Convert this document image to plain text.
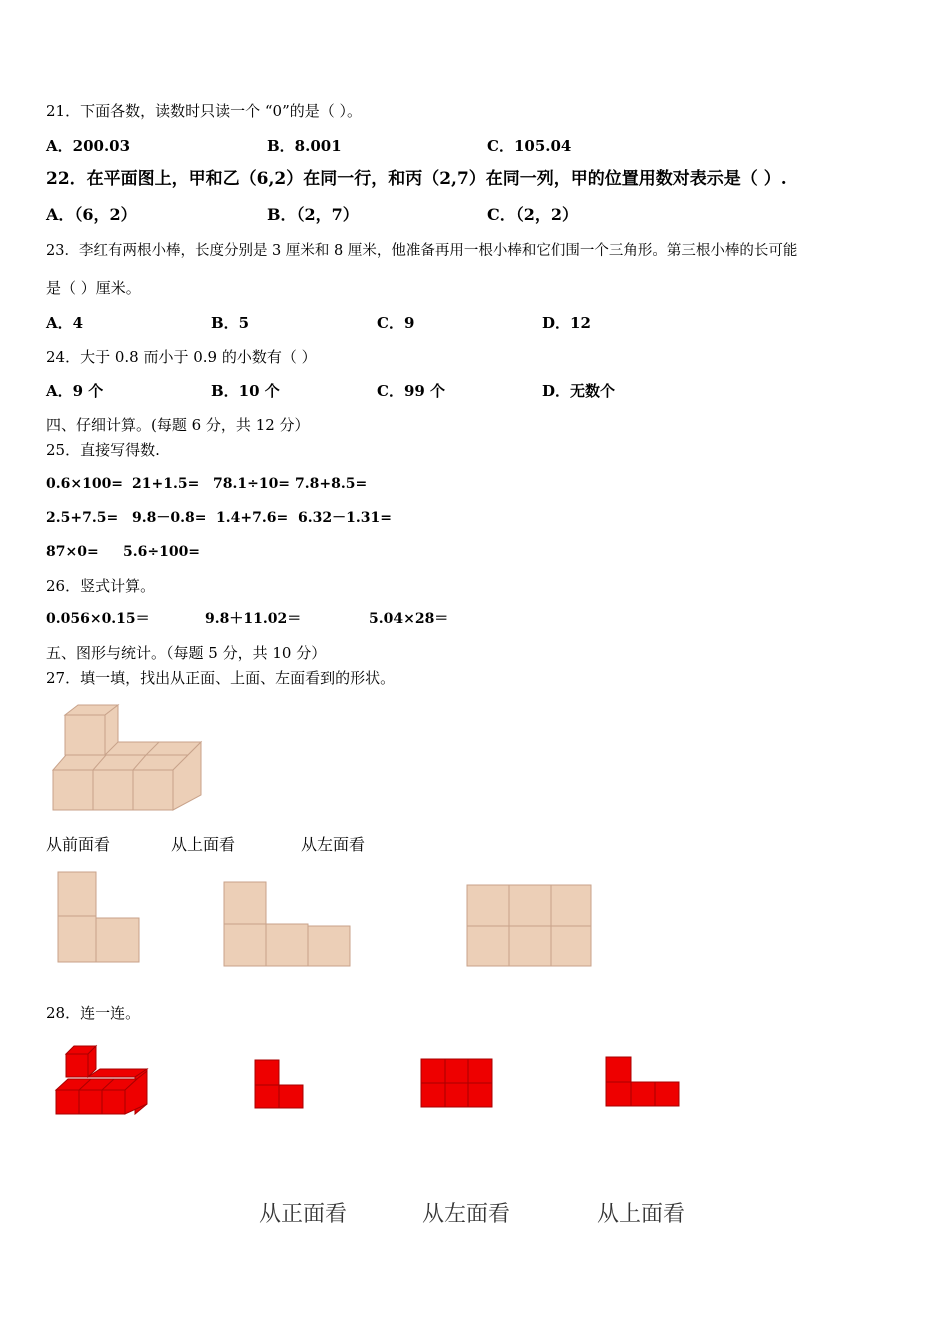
21．下面各数，读数时只读一个 “0”的是（ ）。
A．200.03	B．8.001	C．105.04
22．在平面图上，甲和乙（6,2）在同一行，和丙（2,7）在同一列，甲的位置用数对表示是（ ）.
A．（6，2）	B．（2，7）	C．（2，2）
23．李红有两根小棒，长度分别是 3 厘米和 8 厘米，他准备再用一根小棒和它们围一个三角形。第三根小棒的长可能
是（ ）厘米。
A．4	B．5	C．9	D．12
24．大于 0.8 而小于 0.9 的小数有（ ）
A．9 个	B．10 个	C．99 个	D．无数个
四、仔细计算。(每题 6 分，共 12 分）
25．直接写得数.
0.6×100= 21+1.5= 78.1÷10= 7.8+8.5=
2.5+7.5= 9.8－0.8= 1.4+7.6= 6.32－1.31=
87×0= 5.6÷100=
26．竖式计算。
0.056×0.15＝	9.8＋11.02＝	5.04×28＝
五、图形与统计。（每题 5 分，共 10 分）
27．填一填，找出从正面、上面、左面看到的形状。
从前面看	从上面看	从左面看
28．连一连。
从正面看	从左面看	从上面看
